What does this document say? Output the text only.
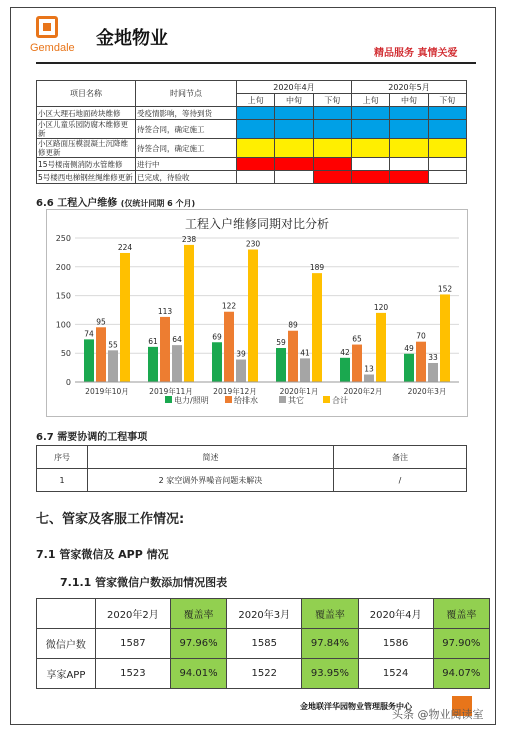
Gemdale 金地物业
精品服务 真情关爱
项目名称	时间节点	2020年4月			2020年5月		
		上旬	中旬	下旬	上旬	中旬	下旬
小区大理石地面砖块维修	受疫情影响，等待到货						
小区儿童乐园防腐木维修更新	待签合同，确定施工						
小区路面压模混凝土沉降维修更新	待签合同，确定施工						
15号楼南侧消防水管维修	进行中						
5号楼西电梯钢丝绳维修更新	已完成，待验收						
6.6 工程入户维修 (仅统计同期 6 个月)
工程入户维修同期对比分析
0
50
100
150
200
250
74
95
55
224
2019年10月
61
113
64
238
2019年11月
69
122
39
230
2019年12月
59
89
41
189
2020年1月
42
65
13
120
2020年2月
49
70
33
152
2020年3月
电力/照明	给排水	其它	合计
6.7 需要协调的工程事项
序号	简述	备注
1	2 家空调外界噪音问题未解决	/
七、管家及客服工作情况:
7.1 管家微信及 APP 情况
7.1.1 管家微信户数添加情况图表
	2020年2月	覆盖率	2020年3月	覆盖率	2020年4月	覆盖率
微信户数	1587	97.96%	1585	97.84%	1586	97.90%
享家APP	1523	94.01%	1522	93.95%	1524	94.07%
金地联洋华园物业管理服务中心
头条 @物业阅读室
